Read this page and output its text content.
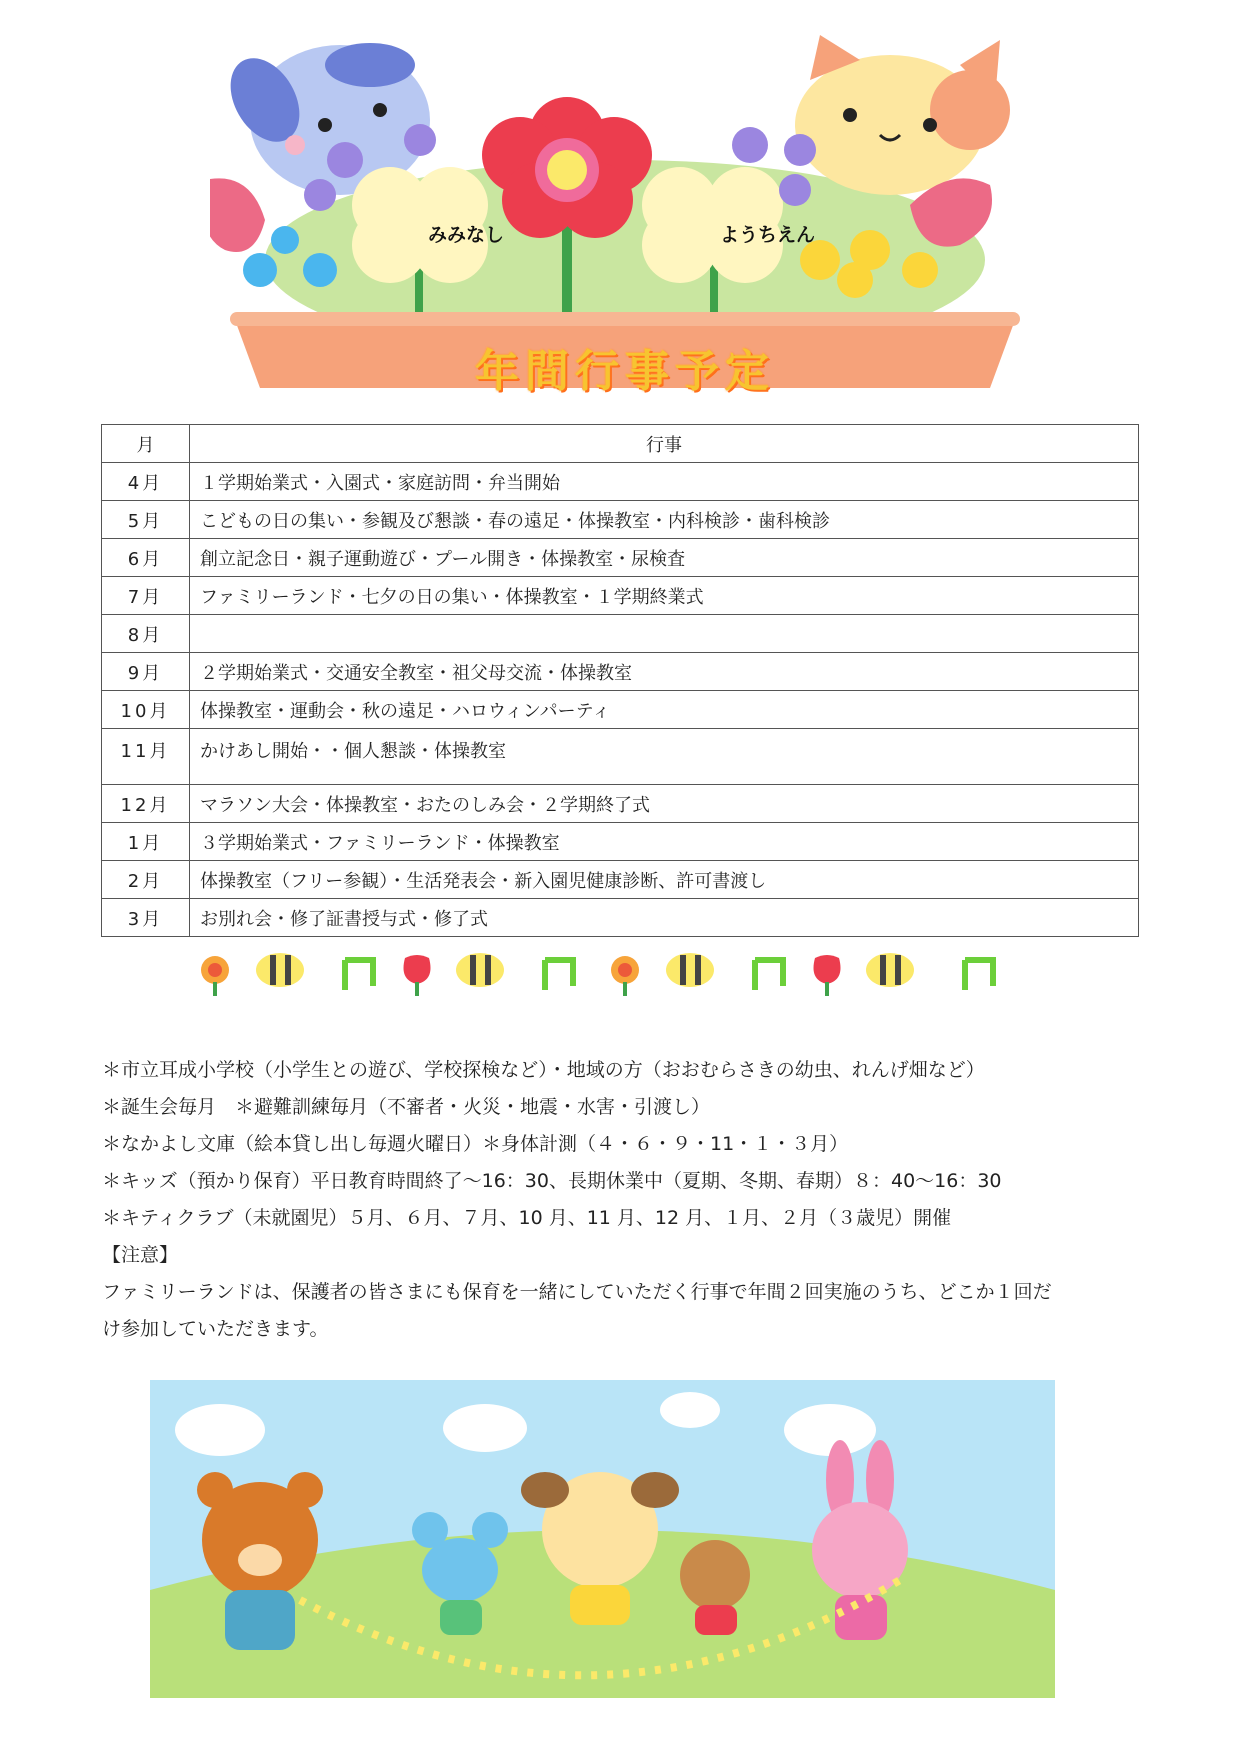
みみなし	ようちえん
年間行事予定
月	行事
4月	１学期始業式・入園式・家庭訪問・弁当開始
5月	こどもの日の集い・参観及び懇談・春の遠足・体操教室・内科検診・歯科検診
6月	創立記念日・親子運動遊び・プール開き・体操教室・尿検査
7月	ファミリーランド・七夕の日の集い・体操教室・１学期終業式
8月	
9月	２学期始業式・交通安全教室・祖父母交流・体操教室
10月	体操教室・運動会・秋の遠足・ハロウィンパーティ
11月	かけあし開始・・個人懇談・体操教室
12月	マラソン大会・体操教室・おたのしみ会・２学期終了式
1月	３学期始業式・ファミリーランド・体操教室
2月	体操教室（フリー参観）・生活発表会・新入園児健康診断、許可書渡し
3月	お別れ会・修了証書授与式・修了式

＊市立耳成小学校（小学生との遊び、学校探検など）・地域の方（おおむらさきの幼虫、れんげ畑など）

＊誕生会毎月　＊避難訓練毎月（不審者・火災・地震・水害・引渡し）

＊なかよし文庫（絵本貸し出し毎週火曜日）＊身体計測（４・６・９・11・１・３月）

＊キッズ（預かり保育）平日教育時間終了～16：30、長期休業中（夏期、冬期、春期）８：40～16：30

＊キティクラブ（未就園児）５月、６月、７月、10 月、11 月、12 月、１月、２月（３歳児）開催

【注意】

ファミリーランドは、保護者の皆さまにも保育を一緒にしていただく行事で年間２回実施のうち、どこか１回だ

け参加していただきます。
